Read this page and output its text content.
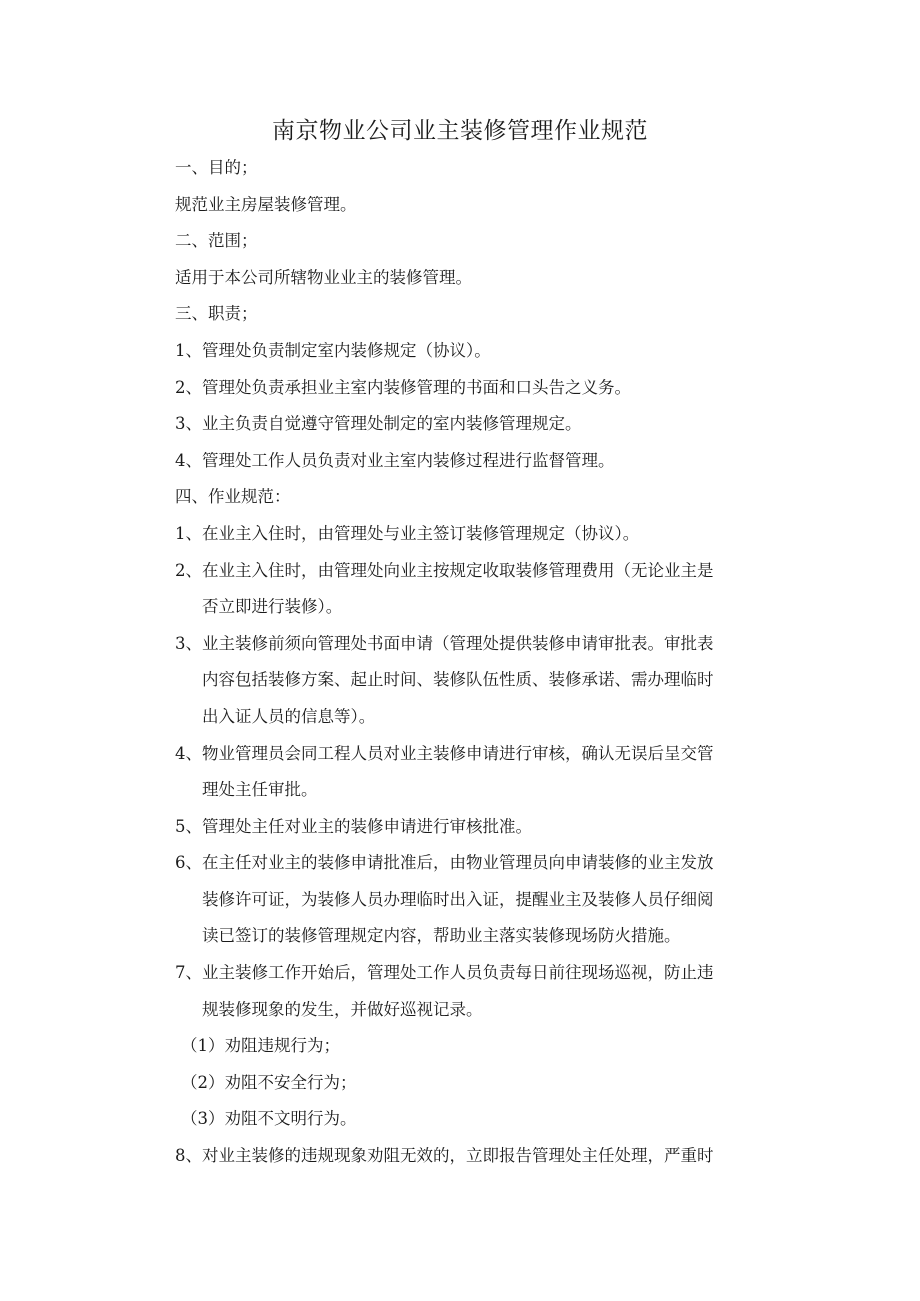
南京物业公司业主装修管理作业规范
一、目的；
规范业主房屋装修管理。
二、范围；
适用于本公司所辖物业业主的装修管理。
三、职责；
1、管理处负责制定室内装修规定（协议）。
2、管理处负责承担业主室内装修管理的书面和口头告之义务。
3、业主负责自觉遵守管理处制定的室内装修管理规定。
4、管理处工作人员负责对业主室内装修过程进行监督管理。
四、作业规范：
1、在业主入住时，由管理处与业主签订装修管理规定（协议）。
2、在业主入住时，由管理处向业主按规定收取装修管理费用（无论业主是
否立即进行装修）。
3、业主装修前须向管理处书面申请（管理处提供装修申请审批表。审批表
内容包括装修方案、起止时间、装修队伍性质、装修承诺、需办理临时
出入证人员的信息等）。
4、物业管理员会同工程人员对业主装修申请进行审核，确认无误后呈交管
理处主任审批。
5、管理处主任对业主的装修申请进行审核批准。
6、在主任对业主的装修申请批准后，由物业管理员向申请装修的业主发放
装修许可证，为装修人员办理临时出入证，提醒业主及装修人员仔细阅
读已签订的装修管理规定内容，帮助业主落实装修现场防火措施。
7、业主装修工作开始后，管理处工作人员负责每日前往现场巡视，防止违
规装修现象的发生，并做好巡视记录。
（1）劝阻违规行为；
（2）劝阻不安全行为；
（3）劝阻不文明行为。
8、对业主装修的违规现象劝阻无效的，立即报告管理处主任处理，严重时
